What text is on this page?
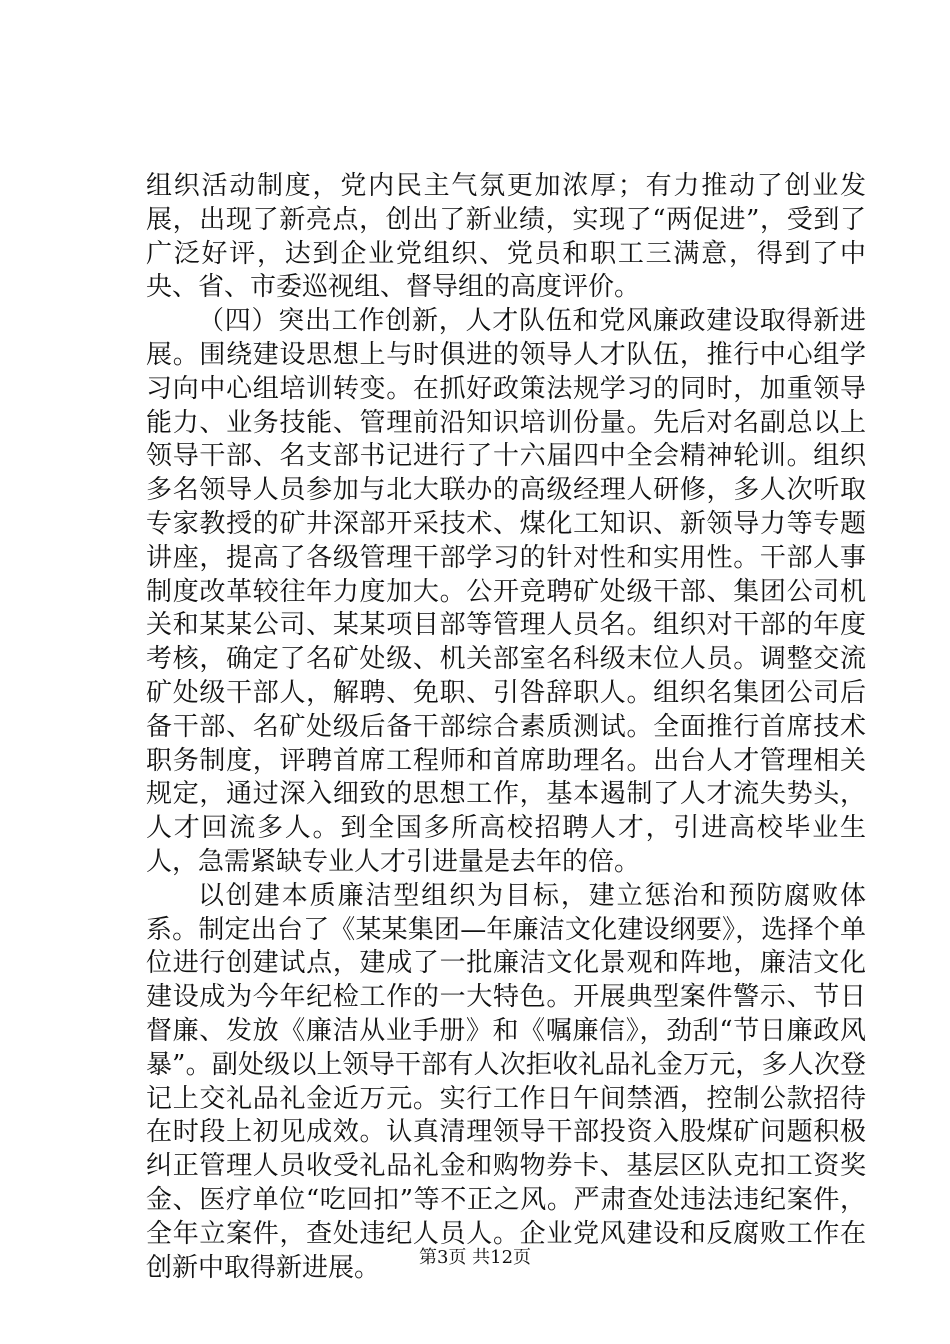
组织活动制度，党内民主气氛更加浓厚；有力推动了创业发展，出现了新亮点，创出了新业绩，实现了“两促进”，受到了广泛好评，达到企业党组织、党员和职工三满意，得到了中央、省、市委巡视组、督导组的高度评价。

（四）突出工作创新，人才队伍和党风廉政建设取得新进展。围绕建设思想上与时俱进的领导人才队伍，推行中心组学习向中心组培训转变。在抓好政策法规学习的同时，加重领导能力、业务技能、管理前沿知识培训份量。先后对名副总以上领导干部、名支部书记进行了十六届四中全会精神轮训。组织多名领导人员参加与北大联办的高级经理人研修，多人次听取专家教授的矿井深部开采技术、煤化工知识、新领导力等专题讲座，提高了各级管理干部学习的针对性和实用性。干部人事制度改革较往年力度加大。公开竞聘矿处级干部、集团公司机关和某某公司、某某项目部等管理人员名。组织对干部的年度考核，确定了名矿处级、机关部室名科级末位人员。调整交流矿处级干部人，解聘、免职、引咎辞职人。组织名集团公司后备干部、名矿处级后备干部综合素质测试。全面推行首席技术职务制度，评聘首席工程师和首席助理名。出台人才管理相关规定，通过深入细致的思想工作，基本遏制了人才流失势头，人才回流多人。到全国多所高校招聘人才，引进高校毕业生人，急需紧缺专业人才引进量是去年的倍。

以创建本质廉洁型组织为目标，建立惩治和预防腐败体系。制定出台了《某某集团—年廉洁文化建设纲要》，选择个单位进行创建试点，建成了一批廉洁文化景观和阵地，廉洁文化建设成为今年纪检工作的一大特色。开展典型案件警示、节日督廉、发放《廉洁从业手册》和《嘱廉信》，劲刮“节日廉政风暴”。副处级以上领导干部有人次拒收礼品礼金万元，多人次登记上交礼品礼金近万元。实行工作日午间禁酒，控制公款招待在时段上初见成效。认真清理领导干部投资入股煤矿问题积极纠正管理人员收受礼品礼金和购物券卡、基层区队克扣工资奖金、医疗单位“吃回扣”等不正之风。严肃查处违法违纪案件，全年立案件，查处违纪人员人。企业党风建设和反腐败工作在创新中取得新进展。	第3页 共12页
